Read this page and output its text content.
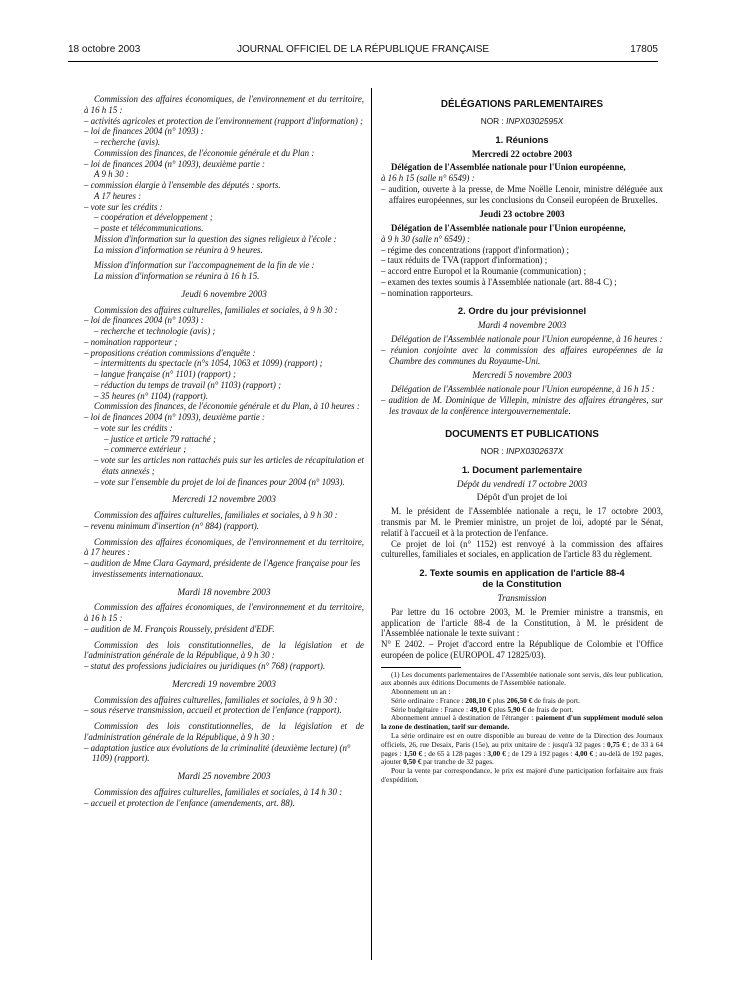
18 octobre 2003	JOURNAL OFFICIEL DE LA RÉPUBLIQUE FRANÇAISE	17805

Commission des affaires économiques, de l'environnement et du territoire, à 16 h 15 :

– activités agricoles et protection de l'environnement (rapport d'information) ;

– loi de finances 2004 (n° 1093) :

– recherche (avis).

Commission des finances, de l'économie générale et du Plan :

– loi de finances 2004 (n° 1093), deuxième partie :

A 9 h 30 :

– commission élargie à l'ensemble des députés : sports.

A 17 heures :

– vote sur les crédits :

– coopération et développement ;

– poste et télécommunications.

Mission d'information sur la question des signes religieux à l'école :

La mission d'information se réunira à 9 heures.

Mission d'information sur l'accompagnement de la fin de vie :

La mission d'information se réunira à 16 h 15.

Jeudi 6 novembre 2003

Commission des affaires culturelles, familiales et sociales, à 9 h 30 :

– loi de finances 2004 (n° 1093) :

– recherche et technologie (avis) ;

– nomination rapporteur ;

– propositions création commissions d'enquête :

– intermittents du spectacle (n°s 1054, 1063 et 1099) (rapport) ;

– langue française (n° 1101) (rapport) ;

– réduction du temps de travail (n° 1103) (rapport) ;

– 35 heures (n° 1104) (rapport).

Commission des finances, de l'économie générale et du Plan, à 10 heures :

– loi de finances 2004 (n° 1093), deuxième partie :

– vote sur les crédits :

– justice et article 79 rattaché ;

– commerce extérieur ;

– vote sur les articles non rattachés puis sur les articles de récapitulation et états annexés ;

– vote sur l'ensemble du projet de loi de finances pour 2004 (n° 1093).

Mercredi 12 novembre 2003

Commission des affaires culturelles, familiales et sociales, à 9 h 30 :

– revenu minimum d'insertion (n° 884) (rapport).

Commission des affaires économiques, de l'environnement et du territoire, à 17 heures :

– audition de Mme Clara Gaymard, présidente de l'Agence française pour les investissements internationaux.

Mardi 18 novembre 2003

Commission des affaires économiques, de l'environnement et du territoire, à 16 h 15 :

– audition de M. François Roussely, président d'EDF.

Commission des lois constitutionnelles, de la législation et de l'administration générale de la République, à 9 h 30 :

– statut des professions judiciaires ou juridiques (n° 768) (rapport).

Mercredi 19 novembre 2003

Commission des affaires culturelles, familiales et sociales, à 9 h 30 :

– sous réserve transmission, accueil et protection de l'enfance (rapport).

Commission des lois constitutionnelles, de la législation et de l'administration générale de la République, à 9 h 30 :

– adaptation justice aux évolutions de la criminalité (deuxième lecture) (n° 1109) (rapport).

Mardi 25 novembre 2003

Commission des affaires culturelles, familiales et sociales, à 14 h 30 :

– accueil et protection de l'enfance (amendements, art. 88).

DÉLÉGATIONS PARLEMENTAIRES

NOR : INPX0302595X

1. Réunions

Mercredi 22 octobre 2003

Délégation de l'Assemblée nationale pour l'Union européenne,

à 16 h 15 (salle n° 6549) :

– audition, ouverte à la presse, de Mme Noëlle Lenoir, ministre déléguée aux affaires européennes, sur les conclusions du Conseil européen de Bruxelles.

Jeudi 23 octobre 2003

Délégation de l'Assemblée nationale pour l'Union européenne,

à 9 h 30 (salle n° 6549) :

– régime des concentrations (rapport d'information) ;

– taux réduits de TVA (rapport d'information) ;

– accord entre Europol et la Roumanie (communication) ;

– examen des textes soumis à l'Assemblée nationale (art. 88-4 C) ;

– nomination rapporteurs.

2. Ordre du jour prévisionnel

Mardi 4 novembre 2003

Délégation de l'Assemblée nationale pour l'Union européenne, à 16 heures :

– réunion conjointe avec la commission des affaires européennes de la Chambre des communes du Royaume-Uni.

Mercredi 5 novembre 2003

Délégation de l'Assemblée nationale pour l'Union européenne, à 16 h 15 :

– audition de M. Dominique de Villepin, ministre des affaires étrangères, sur les travaux de la conférence intergouvernementale.

DOCUMENTS ET PUBLICATIONS

NOR : INPX0302637X

1. Document parlementaire

Dépôt du vendredi 17 octobre 2003

Dépôt d'un projet de loi

M. le président de l'Assemblée nationale a reçu, le 17 octobre 2003, transmis par M. le Premier ministre, un projet de loi, adopté par le Sénat, relatif à l'accueil et à la protection de l'enfance.

Ce projet de loi (n° 1152) est renvoyé à la commission des affaires culturelles, familiales et sociales, en application de l'article 83 du règlement.

2. Texte soumis en application de l'article 88-4
de la Constitution

Transmission

Par lettre du 16 octobre 2003, M. le Premier ministre a transmis, en application de l'article 88-4 de la Constitution, à M. le président de l'Assemblée nationale le texte suivant :

N° E 2402. – Projet d'accord entre la République de Colombie et l'Office européen de police (EUROPOL 47 12825/03).

(1) Les documents parlementaires de l'Assemblée nationale sont servis, dès leur publication, aux abonnés aux éditions Documents de l'Assemblée nationale.

Abonnement un an :

Série ordinaire : France : 208,10 € plus 206,50 € de frais de port.

Série budgétaire : France : 49,10 € plus 5,90 € de frais de port.

Abonnement annuel à destination de l'étranger : paiement d'un supplément modulé selon la zone de destination, tarif sur demande.

La série ordinaire est en outre disponible au bureau de vente de la Direction des Journaux officiels, 26, rue Desaix, Paris (15e), au prix unitaire de : jusqu'à 32 pages : 0,75 € ; de 33 à 64 pages : 1,50 € ; de 65 à 128 pages : 3,00 € ; de 129 à 192 pages : 4,00 € ; au-delà de 192 pages, ajouter 0,50 € par tranche de 32 pages.

Pour la vente par correspondance, le prix est majoré d'une participation forfaitaire aux frais d'expédition.
